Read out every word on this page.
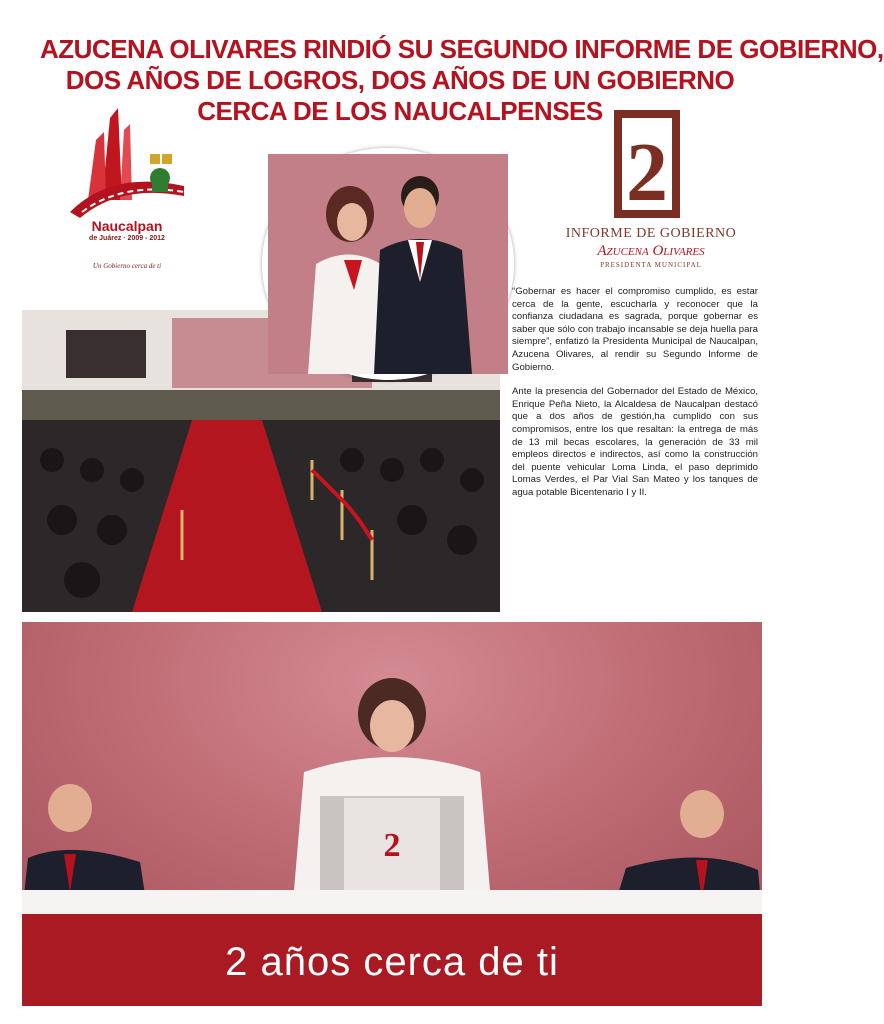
AZUCENA OLIVARES RINDIÓ SU SEGUNDO INFORME DE GOBIERNO,
DOS AÑOS DE LOGROS, DOS AÑOS DE UN GOBIERNO
CERCA DE LOS NAUCALPENSES
Naucalpan
de Juárez · 2009 - 2012
Un Gobierno cerca de ti
2
INFORME DE GOBIERNO
Azucena Olivares
PRESIDENTA MUNICIPAL

“Gobernar es hacer el compromiso cumplido, es estar cerca de la gente, escucharla y reconocer que la confianza ciudadana es sagrada, porque gobernar es saber que sólo con trabajo incansable se deja huella para siempre”, enfatizó la Presidenta Municipal de Naucalpan, Azucena Olivares, al rendir su Segundo Informe de Gobierno.

Ante la presencia del Gobernador del Estado de México, Enrique Peña Nieto, la Alcaldesa de Naucalpan destacó que a dos años de gestión,ha cumplido con sus compromisos, entre los que resaltan: la entrega de más de 13 mil becas escolares, la generación de 33 mil empleos directos e indirectos, así como la construcción del puente vehicular Loma Linda, el paso deprimido Lomas Verdes, el Par Vial San Mateo y los tanques de agua potable Bicentenario I y II.

2
2 años cerca de ti
